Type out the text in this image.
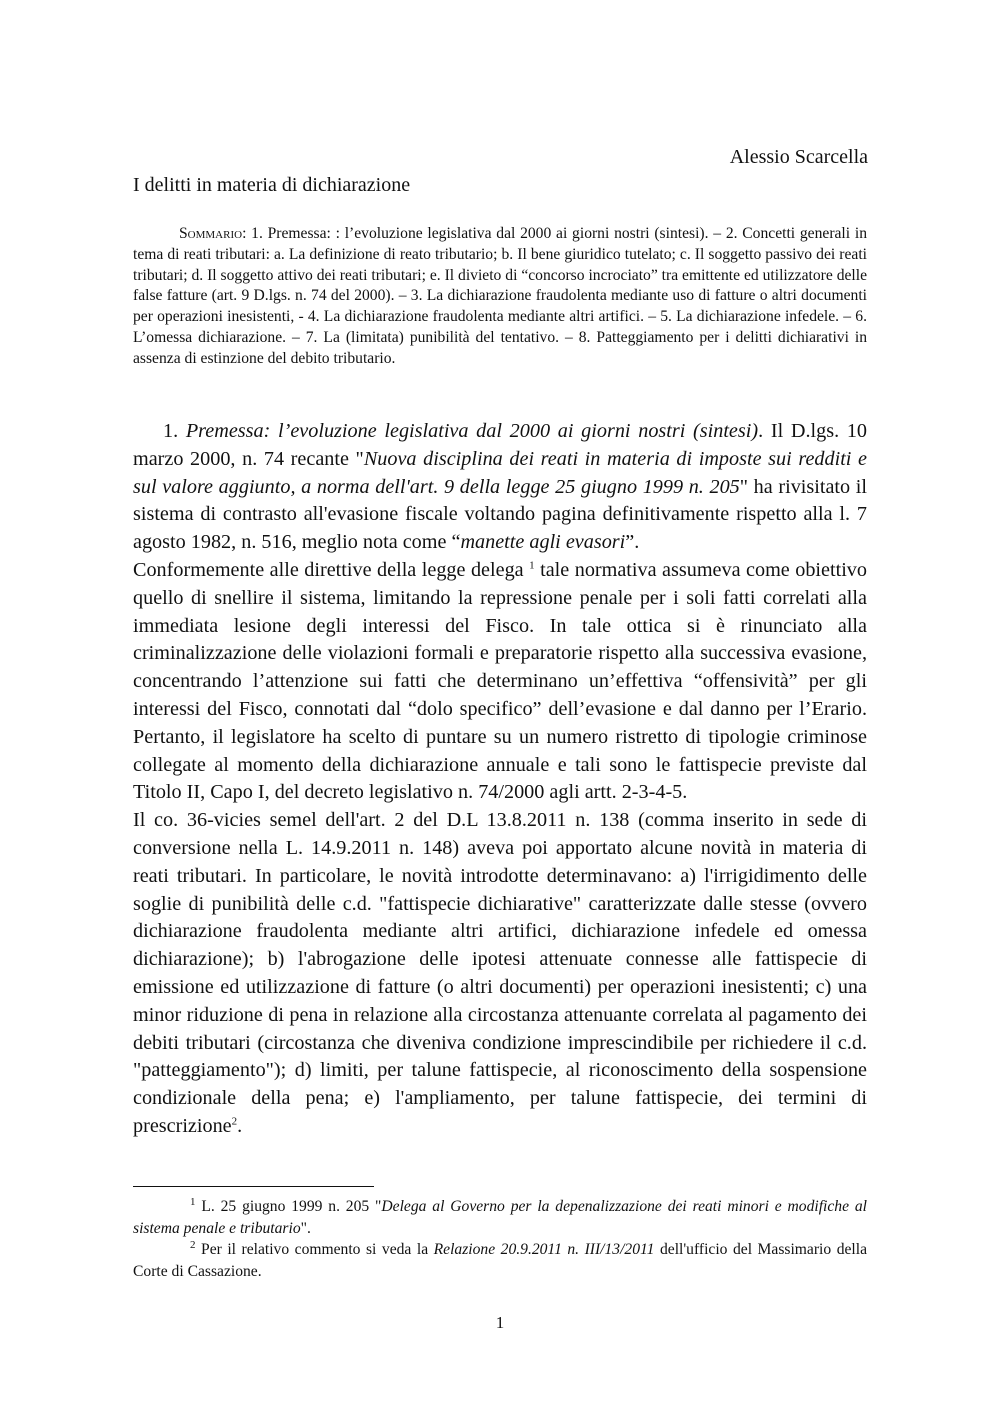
Alessio Scarcella
I delitti in materia di dichiarazione
Sommario: 1. Premessa: : l’evoluzione legislativa dal 2000 ai giorni nostri (sintesi). – 2. Concetti generali in tema di reati tributari: a. La definizione di reato tributario; b. Il bene giuridico tutelato; c. Il soggetto passivo dei reati tributari; d. Il soggetto attivo dei reati tributari; e. Il divieto di “concorso incrociato” tra emittente ed utilizzatore delle false fatture (art. 9 D.lgs. n. 74 del 2000). – 3. La dichiarazione fraudolenta mediante uso di fatture o altri documenti per operazioni inesistenti, - 4. La dichiarazione fraudolenta mediante altri artifici. – 5. La dichiarazione infedele. – 6. L’omessa dichiarazione. – 7. La (limitata) punibilità del tentativo. – 8. Patteggiamento per i delitti dichiarativi in assenza di estinzione del debito tributario.

1. Premessa: l’evoluzione legislativa dal 2000 ai giorni nostri (sintesi). Il D.lgs. 10 marzo 2000, n. 74 recante "Nuova disciplina dei reati in materia di imposte sui redditi e sul valore aggiunto, a norma dell'art. 9 della legge 25 giugno 1999 n. 205" ha rivisitato il sistema di contrasto all'evasione fiscale voltando pagina definitivamente rispetto alla l. 7 agosto 1982, n. 516, meglio nota come “manette agli evasori”.

Conformemente alle direttive della legge delega $^1$ tale normativa assumeva come obiettivo quello di snellire il sistema, limitando la repressione penale per i soli fatti correlati alla immediata lesione degli interessi del Fisco. In tale ottica si è rinunciato alla criminalizzazione delle violazioni formali e preparatorie rispetto alla successiva evasione, concentrando l’attenzione sui fatti che determinano un’effettiva “offensività” per gli interessi del Fisco, connotati dal “dolo specifico” dell’evasione e dal danno per l’Erario. Pertanto, il legislatore ha scelto di puntare su un numero ristretto di tipologie criminose collegate al momento della dichiarazione annuale e tali sono le fattispecie previste dal Titolo II, Capo I, del decreto legislativo n. 74/2000 agli artt. 2-3-4-5.

Il co. 36-vicies semel dell'art. 2 del D.L 13.8.2011 n. 138 (comma inserito in sede di conversione nella L. 14.9.2011 n. 148) aveva poi apportato alcune novità in materia di reati tributari. In particolare, le novità introdotte determinavano: a) l'irrigidimento delle soglie di punibilità delle c.d. "fattispecie dichiarative" caratterizzate dalle stesse (ovvero dichiarazione fraudolenta mediante altri artifici, dichiarazione infedele ed omessa dichiarazione); b) l'abrogazione delle ipotesi attenuate connesse alle fattispecie di emissione ed utilizzazione di fatture (o altri documenti) per operazioni inesistenti; c) una minor riduzione di pena in relazione alla circostanza attenuante correlata al pagamento dei debiti tributari (circostanza che diveniva condizione imprescindibile per richiedere il c.d. "patteggiamento"); d) limiti, per talune fattispecie, al riconoscimento della sospensione condizionale della pena; e) l'ampliamento, per talune fattispecie, dei termini di prescrizione$^2$.

$^1$ L. 25 giugno 1999 n. 205 "Delega al Governo per la depenalizzazione dei reati minori e modifiche al sistema penale e tributario".

$^2$ Per il relativo commento si veda la Relazione 20.9.2011 n. III/13/2011 dell'ufficio del Massimario della Corte di Cassazione.

1
